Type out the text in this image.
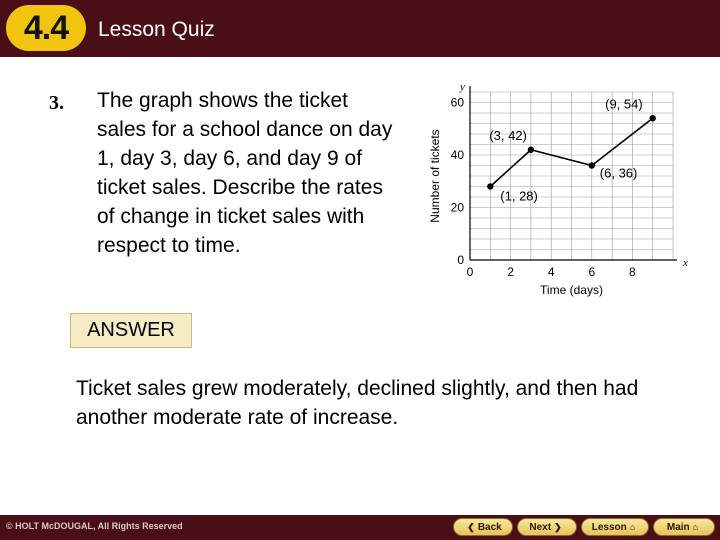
4.4	Lesson Quiz
3. The graph shows the ticket sales for a school dance on day 1, day 3, day 6, and day 9 of ticket sales. Describe the rates of change in ticket sales with respect to time.
x
y
0	2	4	6	8
0
20
40
60
Time (days)
Number of tickets	(1, 28)
(3, 42)
(6, 36)
(9, 54)
ANSWER
Ticket sales grew moderately, declined slightly, and then had another moderate rate of increase.
© HOLT McDOUGAL, All Rights Reserved	❮ Back	Next ❯	Lesson ⌂	Main ⌂
